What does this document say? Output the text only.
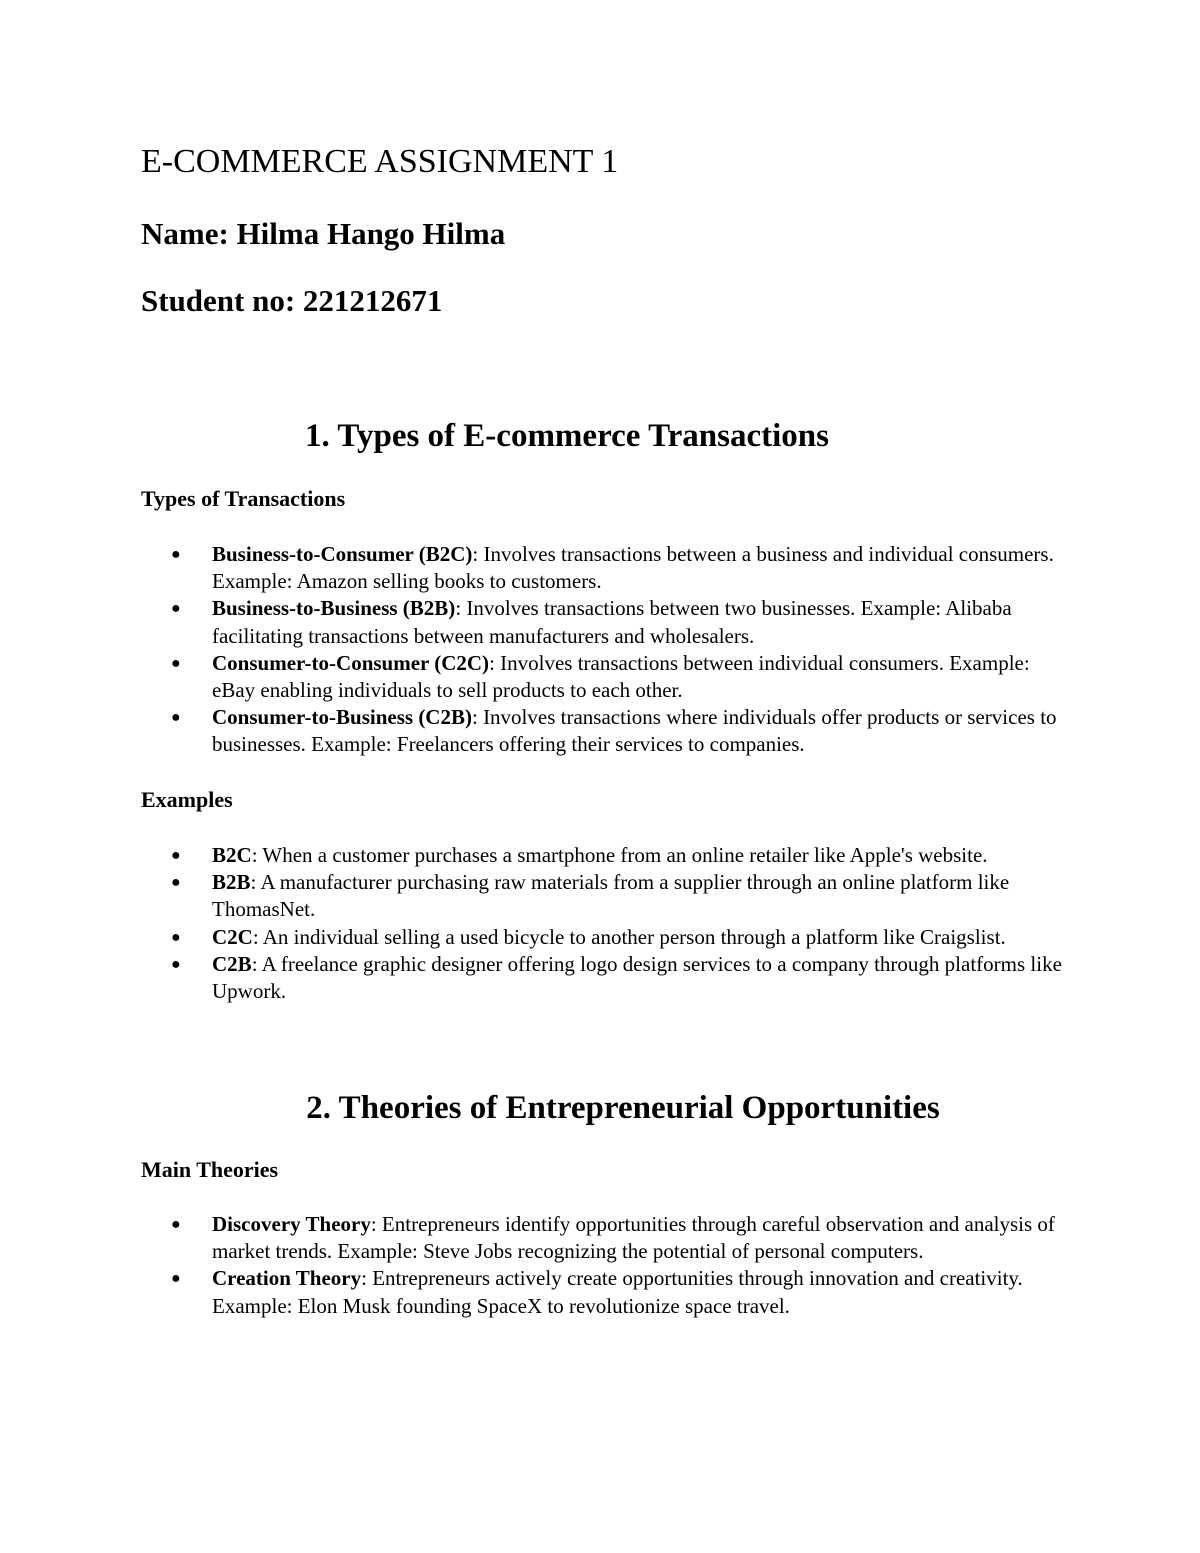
E-COMMERCE ASSIGNMENT 1

Name: Hilma Hango Hilma

Student no: 221212671

1. Types of E-commerce Transactions
Types of Transactions
● Business-to-Consumer (B2C): Involves transactions between a business and individual consumers. Example: Amazon selling books to customers.
● Business-to-Business (B2B): Involves transactions between two businesses. Example: Alibaba facilitating transactions between manufacturers and wholesalers.
● Consumer-to-Consumer (C2C): Involves transactions between individual consumers. Example: eBay enabling individuals to sell products to each other.
● Consumer-to-Business (C2B): Involves transactions where individuals offer products or services to businesses. Example: Freelancers offering their services to companies.
Examples
● B2C: When a customer purchases a smartphone from an online retailer like Apple's website.
● B2B: A manufacturer purchasing raw materials from a supplier through an online platform like ThomasNet.
● C2C: An individual selling a used bicycle to another person through a platform like Craigslist.
● C2B: A freelance graphic designer offering logo design services to a company through platforms like Upwork.
2. Theories of Entrepreneurial Opportunities
Main Theories
● Discovery Theory: Entrepreneurs identify opportunities through careful observation and analysis of market trends. Example: Steve Jobs recognizing the potential of personal computers.
● Creation Theory: Entrepreneurs actively create opportunities through innovation and creativity. Example: Elon Musk founding SpaceX to revolutionize space travel.
